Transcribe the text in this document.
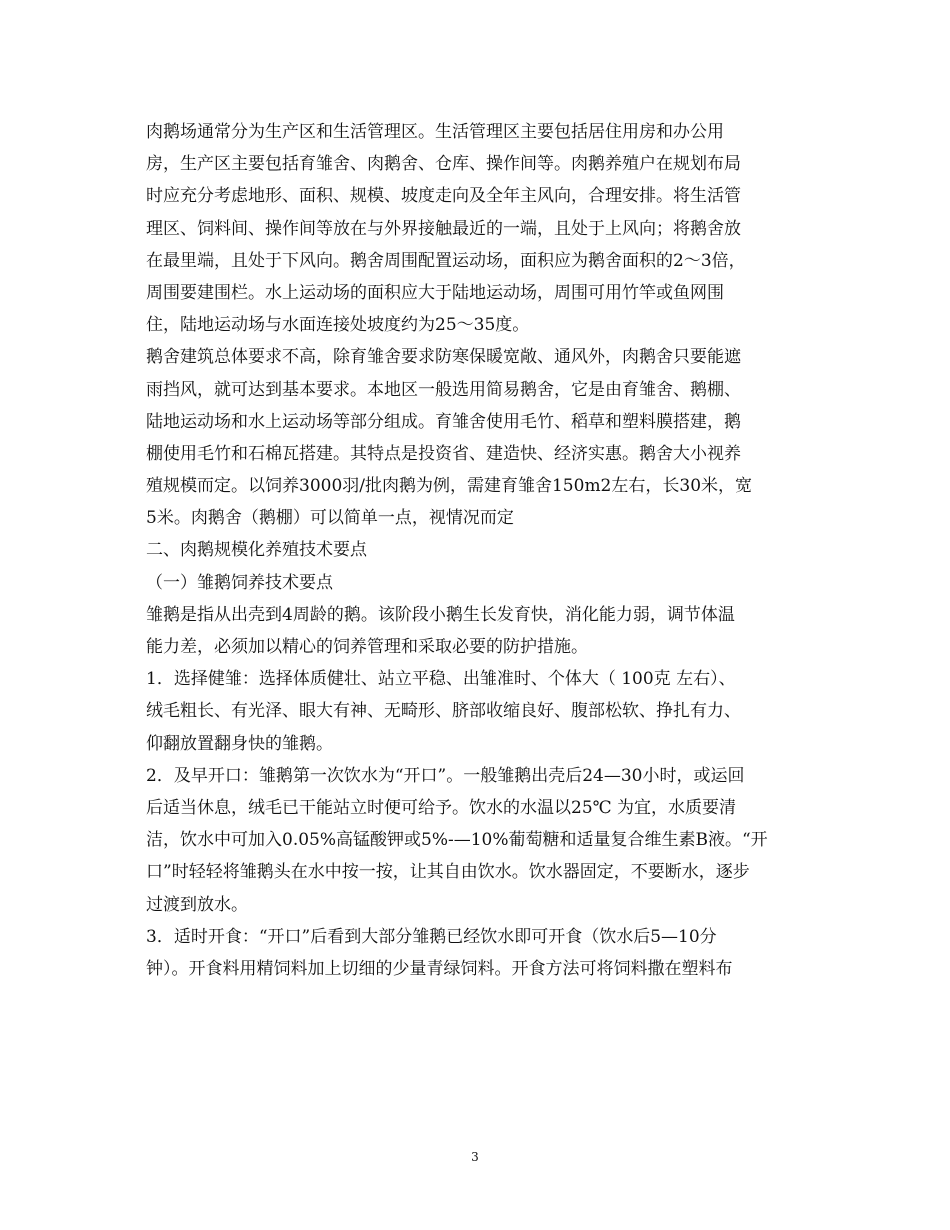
肉鹅场通常分为生产区和生活管理区。生活管理区主要包括居住用房和办公用
房，生产区主要包括育雏舍、肉鹅舍、仓库、操作间等。肉鹅养殖户在规划布局
时应充分考虑地形、面积、规模、坡度走向及全年主风向，合理安排。将生活管
理区、饲料间、操作间等放在与外界接触最近的一端，且处于上风向；将鹅舍放
在最里端，且处于下风向。鹅舍周围配置运动场，面积应为鹅舍面积的2～3倍，
周围要建围栏。水上运动场的面积应大于陆地运动场，周围可用竹竿或鱼网围
住，陆地运动场与水面连接处坡度约为25～35度。
鹅舍建筑总体要求不高，除育雏舍要求防寒保暖宽敞、通风外，肉鹅舍只要能遮
雨挡风，就可达到基本要求。本地区一般选用简易鹅舍，它是由育雏舍、鹅棚、
陆地运动场和水上运动场等部分组成。育雏舍使用毛竹、稻草和塑料膜搭建，鹅
棚使用毛竹和石棉瓦搭建。其特点是投资省、建造快、经济实惠。鹅舍大小视养
殖规模而定。以饲养3000羽/批肉鹅为例，需建育雏舍150m2左右，长30米，宽
5米。肉鹅舍（鹅棚）可以简单一点，视情况而定
二、肉鹅规模化养殖技术要点
（一）雏鹅饲养技术要点
雏鹅是指从出壳到4周龄的鹅。该阶段小鹅生长发育快，消化能力弱，调节体温
能力差，必须加以精心的饲养管理和采取必要的防护措施。
1．选择健雏：选择体质健壮、站立平稳、出雏准时、个体大（ 100克 左右）、
绒毛粗长、有光泽、眼大有神、无畸形、脐部收缩良好、腹部松软、挣扎有力、
仰翻放置翻身快的雏鹅。
2．及早开口：雏鹅第一次饮水为“开口”。一般雏鹅出壳后24—30小时，或运回
后适当休息，绒毛已干能站立时便可给予。饮水的水温以25℃ 为宜，水质要清
洁，饮水中可加入0.05%高锰酸钾或5%-—10%葡萄糖和适量复合维生素B液。“开
口”时轻轻将雏鹅头在水中按一按，让其自由饮水。饮水器固定，不要断水，逐步
过渡到放水。
3．适时开食：“开口”后看到大部分雏鹅已经饮水即可开食（饮水后5—10分
钟）。开食料用精饲料加上切细的少量青绿饲料。开食方法可将饲料撒在塑料布
3
